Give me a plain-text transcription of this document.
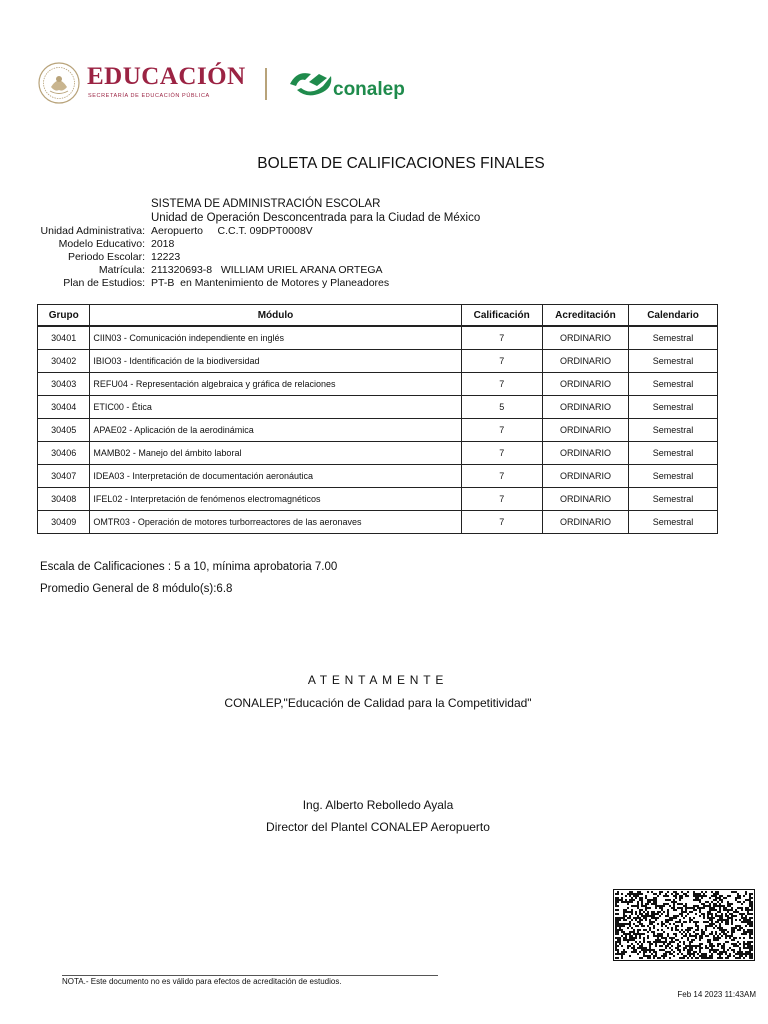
EDUCACIÓN
SECRETARÍA DE EDUCACIÓN PÚBLICA	conalep
BOLETA DE CALIFICACIONES FINALES
SISTEMA DE ADMINISTRACIÓN ESCOLAR
Unidad de Operación Desconcentrada para la Ciudad de México
Unidad Administrativa: Aeropuerto     C.C.T. 09DPT0008V
Modelo Educativo: 2018
Periodo Escolar: 12223
Matrícula: 211320693-8   WILLIAM URIEL ARANA ORTEGA
Plan de Estudios: PT-B  en Mantenimiento de Motores y Planeadores
Grupo	Módulo	Calificación	Acreditación	Calendario
30401	CIIN03 - Comunicación independiente en inglés	7	ORDINARIO	Semestral
30402	IBIO03 - Identificación de la biodiversidad	7	ORDINARIO	Semestral
30403	REFU04 - Representación algebraica y gráfica de relaciones	7	ORDINARIO	Semestral
30404	ETIC00 - Ética	5	ORDINARIO	Semestral
30405	APAE02 - Aplicación de la aerodinámica	7	ORDINARIO	Semestral
30406	MAMB02 - Manejo del ámbito laboral	7	ORDINARIO	Semestral
30407	IDEA03 - Interpretación de documentación aeronáutica	7	ORDINARIO	Semestral
30408	IFEL02 - Interpretación de fenómenos electromagnéticos	7	ORDINARIO	Semestral
30409	OMTR03 - Operación de motores turborreactores de las aeronaves	7	ORDINARIO	Semestral
Escala de Calificaciones : 5 a 10, mínima aprobatoria 7.00
Promedio General de 8 módulo(s):6.8
ATENTAMENTE
CONALEP,"Educación de Calidad para la Competitividad"
Ing. Alberto Rebolledo Ayala
Director del Plantel CONALEP Aeropuerto
NOTA.- Este documento no es válido para efectos de acreditación de estudios.
Feb 14 2023 11:43AM
